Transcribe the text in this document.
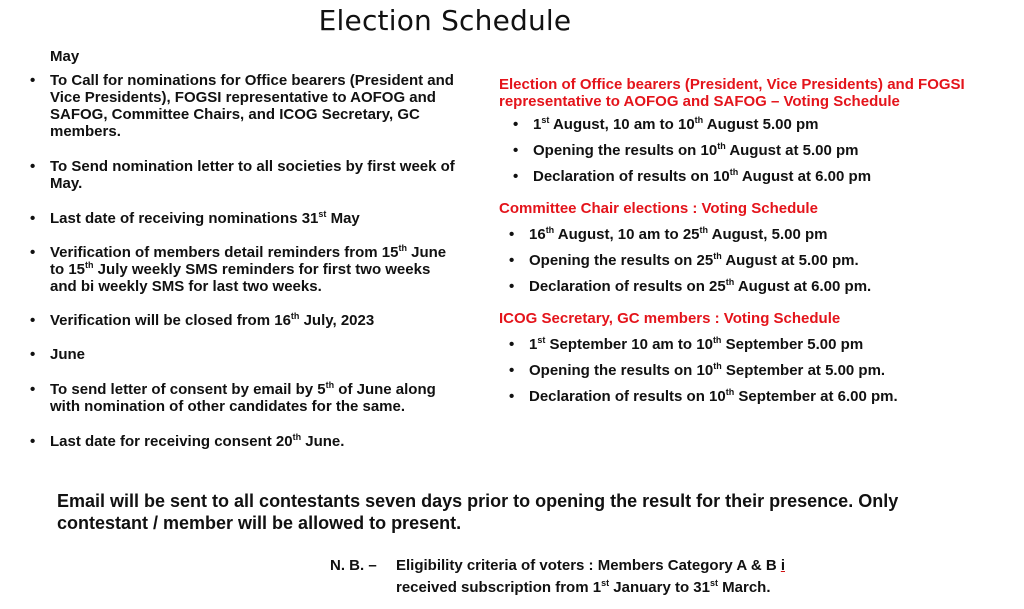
Election Schedule
May
• To Call for nominations for Office bearers (President and Vice Presidents), FOGSI representative to AOFOG and SAFOG, Committee Chairs, and ICOG Secretary, GC members.
• To Send nomination letter to all societies by first week of May.
• Last date of receiving nominations 31st May
• Verification of members detail reminders from 15th June to 15th July weekly SMS reminders for first two weeks and bi weekly SMS for last two weeks.
• Verification will be closed from 16th July, 2023
• June
• To send letter of consent by email by 5th of June along with nomination of other candidates for the same.
• Last date for receiving consent 20th June.
Election of Office bearers (President, Vice Presidents) and FOGSI representative to AOFOG and SAFOG – Voting Schedule
• 1st August, 10 am to 10th August 5.00 pm
• Opening the results on 10th August at 5.00 pm
• Declaration of results on 10th August at 6.00 pm
Committee Chair elections : Voting Schedule
• 16th August, 10 am to 25th August, 5.00 pm
• Opening the results on 25th August at 5.00 pm.
• Declaration of results on 25th August at 6.00 pm.
ICOG Secretary, GC members : Voting Schedule
• 1st September 10 am to 10th September 5.00 pm
• Opening the results on 10th September at 5.00 pm.
• Declaration of results on 10th September at 6.00 pm.
Email will be sent to all contestants seven days prior to opening the result for their presence. Only contestant / member will be allowed to present.
N. B. – Eligibility criteria of voters : Members Category A & B i
received subscription from 1st January to 31st March.
